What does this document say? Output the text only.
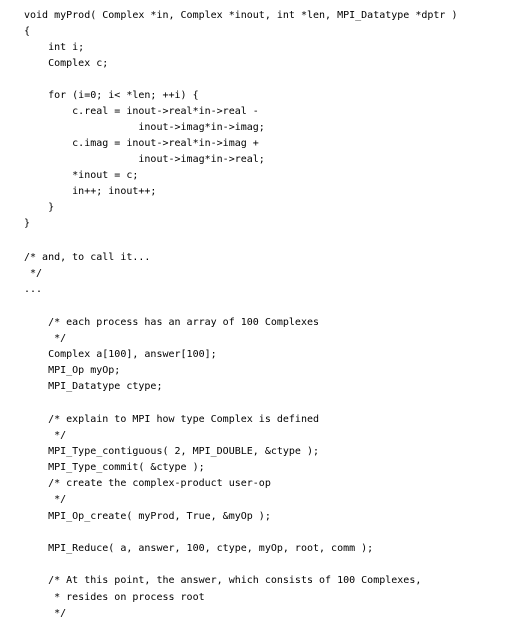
void myProd( Complex *in, Complex *inout, int *len, MPI_Datatype *dptr )
{
int i;
Complex c;
for (i=0; i< *len; ++i) {
c.real = inout->real*in->real -
inout->imag*in->imag;
c.imag = inout->real*in->imag +
inout->imag*in->real;
*inout = c;
in++; inout++;
}
}
/* and, to call it...
*/
...
/* each process has an array of 100 Complexes
*/
Complex a[100], answer[100];
MPI_Op myOp;
MPI_Datatype ctype;
/* explain to MPI how type Complex is defined
*/
MPI_Type_contiguous( 2, MPI_DOUBLE, &ctype );
MPI_Type_commit( &ctype );
/* create the complex-product user-op
*/
MPI_Op_create( myProd, True, &myOp );
MPI_Reduce( a, answer, 100, ctype, myOp, root, comm );
/* At this point, the answer, which consists of 100 Complexes,
* resides on process root
*/
